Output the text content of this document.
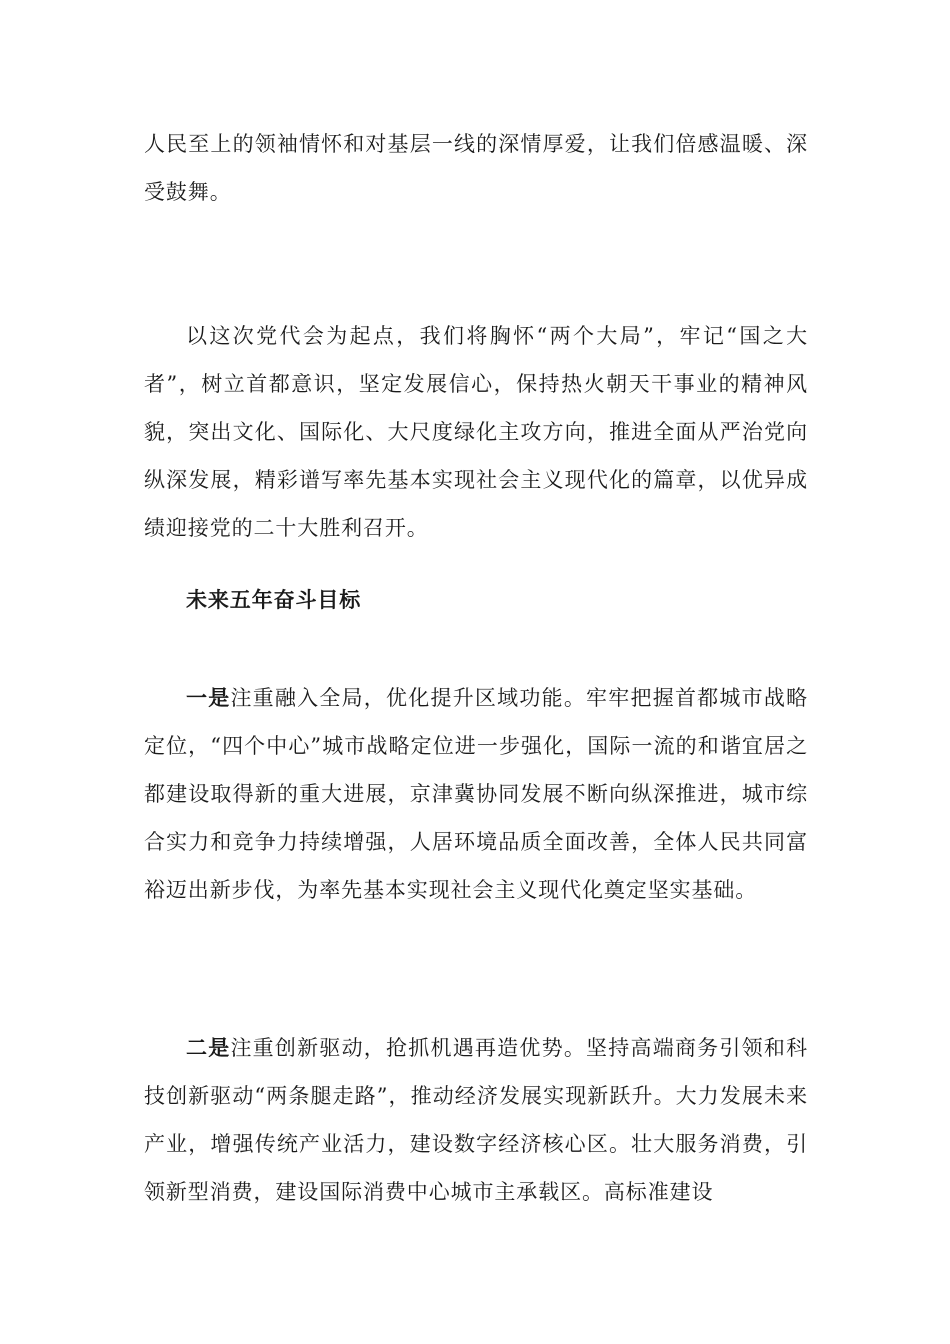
人民至上的领袖情怀和对基层一线的深情厚爱，让我们倍感温暖、深受鼓舞。

以这次党代会为起点，我们将胸怀“两个大局”，牢记“国之大者”，树立首都意识，坚定发展信心，保持热火朝天干事业的精神风貌，突出文化、国际化、大尺度绿化主攻方向，推进全面从严治党向纵深发展，精彩谱写率先基本实现社会主义现代化的篇章，以优异成绩迎接党的二十大胜利召开。

未来五年奋斗目标

一是注重融入全局，优化提升区域功能。牢牢把握首都城市战略定位，“四个中心”城市战略定位进一步强化，国际一流的和谐宜居之都建设取得新的重大进展，京津冀协同发展不断向纵深推进，城市综合实力和竞争力持续增强，人居环境品质全面改善，全体人民共同富裕迈出新步伐，为率先基本实现社会主义现代化奠定坚实基础。

二是注重创新驱动，抢抓机遇再造优势。坚持高端商务引领和科技创新驱动“两条腿走路”，推动经济发展实现新跃升。大力发展未来产业，增强传统产业活力，建设数字经济核心区。壮大服务消费，引领新型消费，建设国际消费中心城市主承载区。高标准建设
